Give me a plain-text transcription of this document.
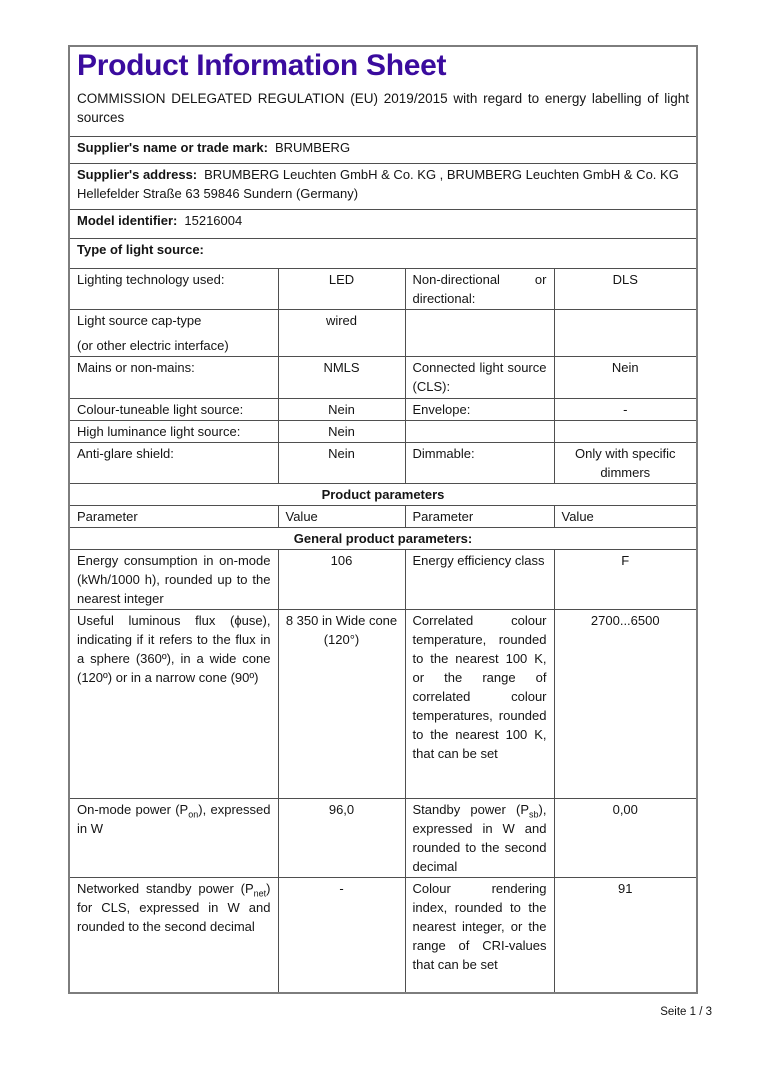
Product Information Sheet

COMMISSION DELEGATED REGULATION (EU) 2019/2015 with regard to energy labelling of light sources

Supplier's name or trade mark: BRUMBERG			
Supplier's address: BRUMBERG Leuchten GmbH & Co. KG , BRUMBERG Leuchten GmbH & Co. KG Hellefelder Straße 63 59846 Sundern (Germany)			
Model identifier: 15216004			
Type of light source:			
Lighting technology used:	LED	Non-directional or directional:	DLS

Light source cap-type
(or other electric interface)	wired		
Mains or non-mains:	NMLS	Connected light source (CLS):	Nein
Colour-tuneable light source:	Nein	Envelope:	-
High luminance light source:	Nein		
Anti-glare shield:	Nein	Dimmable:	Only with specific dimmers
Product parameters			
Parameter	Value	Parameter	Value
General product parameters:			
Energy consumption in on-mode (kWh/1000 h), rounded up to the nearest integer	106	Energy efficiency class	F
Useful luminous flux (ϕuse), indicating if it refers to the flux in a sphere (360º), in a wide cone (120º) or in a narrow cone (90º)	8 350 in Wide cone (120°)	Correlated colour temperature, rounded to the nearest 100 K, or the range of correlated colour temperatures, rounded to the nearest 100 K, that can be set	2700...6500
On-mode power $(P_{on})$, expressed in W	96,0	Standby power $(P_{sb})$, expressed in W and rounded to the second decimal	0,00
Networked standby power $(P_{net})$ for CLS, expressed in W and rounded to the second decimal	-	Colour rendering index, rounded to the nearest integer, or the range of CRI-values that can be set	91
Seite 1 / 3
